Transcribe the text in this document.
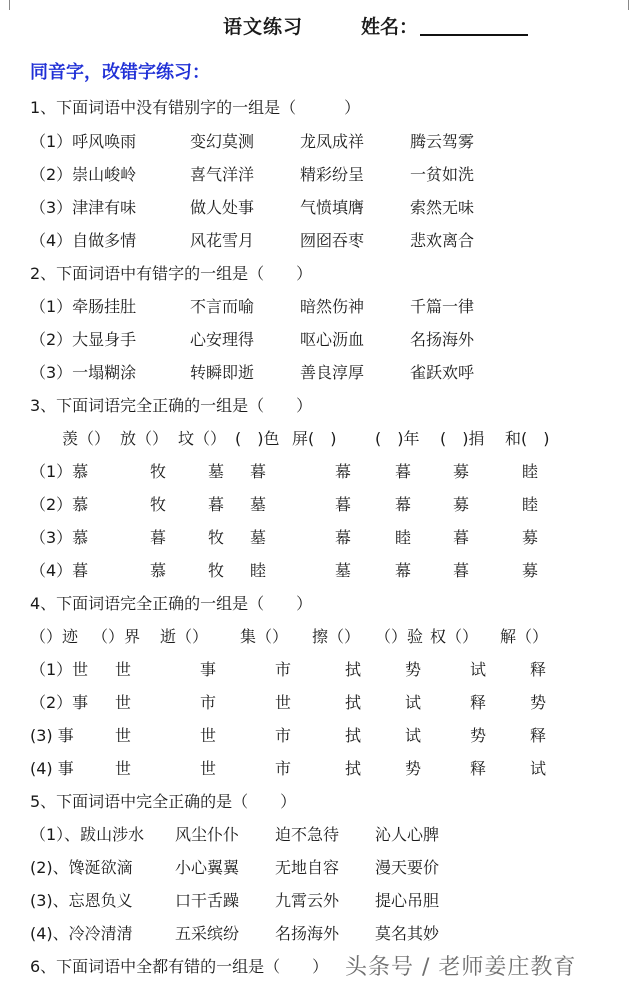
语文练习	姓名：
同音字，改错字练习：
1、下面词语中没有错别字的一组是（　　　）
（1）呼风唤雨	变幻莫测	龙凤成祥	腾云驾雾
（2）崇山峻岭	喜气洋洋	精彩纷呈	一贫如洗
（3）津津有味	做人处事	气愤填膺	索然无味
（4）自做多情	风花雪月	囫囵吞枣	悲欢离合
2、下面词语中有错字的一组是（　　）
（1）牵肠挂肚	不言而喻	暗然伤神	千篇一律
（2）大显身手	心安理得	呕心沥血	名扬海外
（3）一塌糊涂	转瞬即逝	善良淳厚	雀跃欢呼
3、下面词语完全正确的一组是（　　）
羡（） 放（） 坟（） (　)色 屏(　) (　)年 (　)捐 和(　)
（1）慕	牧	墓 暮	幕	暮	募	睦
（2）慕	牧	暮 墓	暮	幕	募	睦
（3）慕	暮	牧 墓	幕	睦	暮	募
（4）暮	慕	牧 睦	墓	幕	暮	募
4、下面词语完全正确的一组是（　　）
（）迹 （）界 逝（） 集（） 擦（） （）验 权（） 解（）
（1）世 世	事	市	拭	势	试	释
（2）事 世	市	世	拭	试	释	势
(3) 事	世	世	市	拭	试	势	释
(4) 事	世	世	市	拭	势	释	试
5、下面词语中完全正确的是（　　）
（1）、跋山涉水 风尘仆仆 迫不急待 沁人心脾
(2)、馋涎欲滴	小心翼翼 无地自容 漫天要价
(3)、忘恩负义	口干舌躁 九霄云外 提心吊胆
(4)、冷冷清清	五采缤纷 名扬海外 莫名其妙
6、下面词语中全都有错的一组是（　　） 头条号 / 老师姜庄教育
